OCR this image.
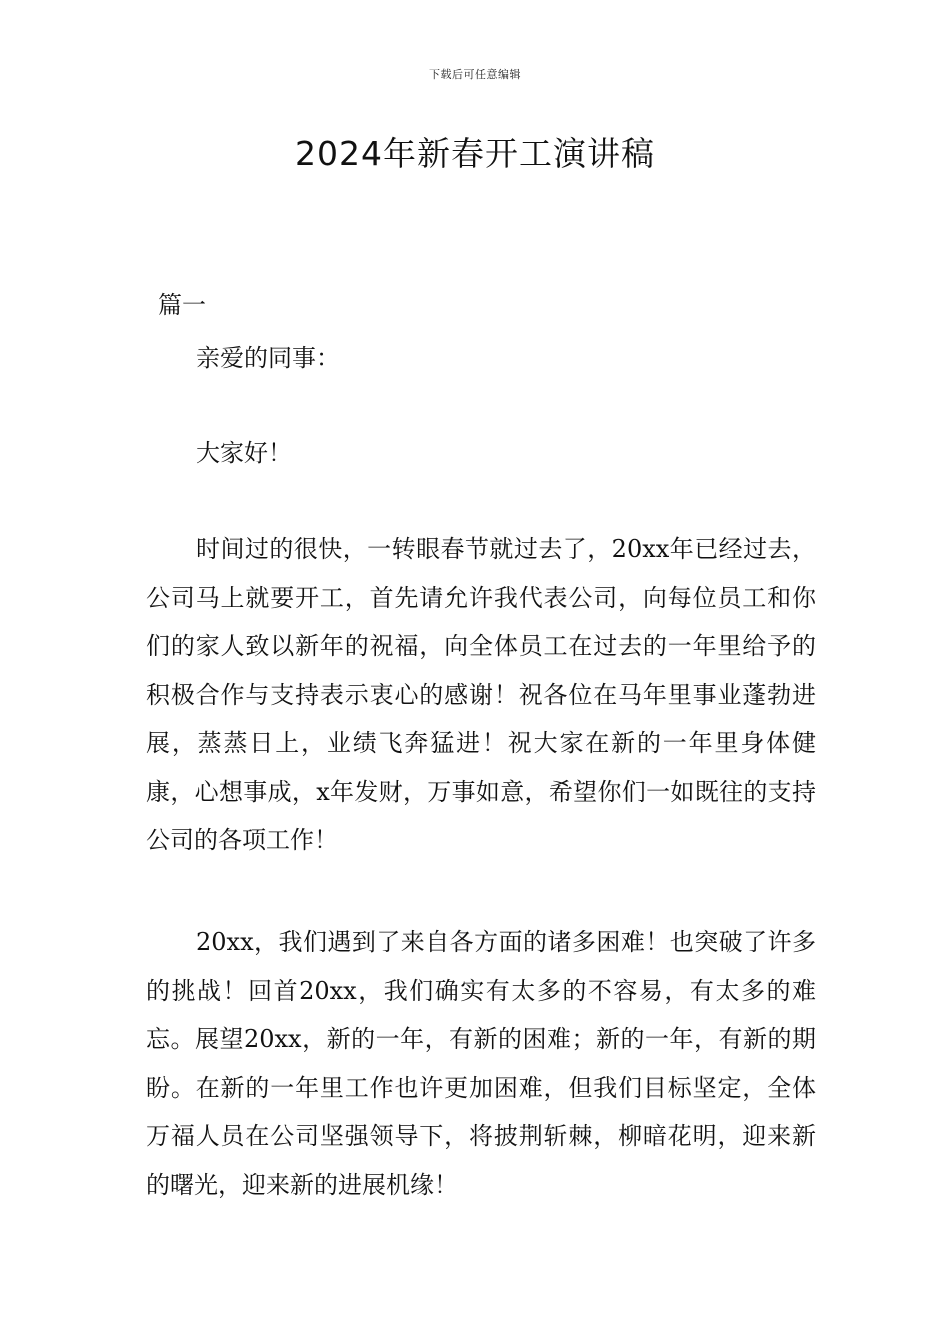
下载后可任意编辑
2024年新春开工演讲稿
篇一
亲爱的同事：
大家好！

时间过的很快，一转眼春节就过去了，20xx年已经过去，公司马上就要开工，首先请允许我代表公司，向每位员工和你们的家人致以新年的祝福，向全体员工在过去的一年里给予的积极合作与支持表示衷心的感谢！祝各位在马年里事业蓬勃进展，蒸蒸日上，业绩飞奔猛进！祝大家在新的一年里身体健康，心想事成，x年发财，万事如意，希望你们一如既往的支持公司的各项工作！

20xx，我们遇到了来自各方面的诸多困难！也突破了许多的挑战！回首20xx，我们确实有太多的不容易，有太多的难忘。展望20xx，新的一年，有新的困难；新的一年，有新的期盼。在新的一年里工作也许更加困难，但我们目标坚定，全体万福人员在公司坚强领导下，将披荆斩棘，柳暗花明，迎来新的曙光，迎来新的进展机缘！
